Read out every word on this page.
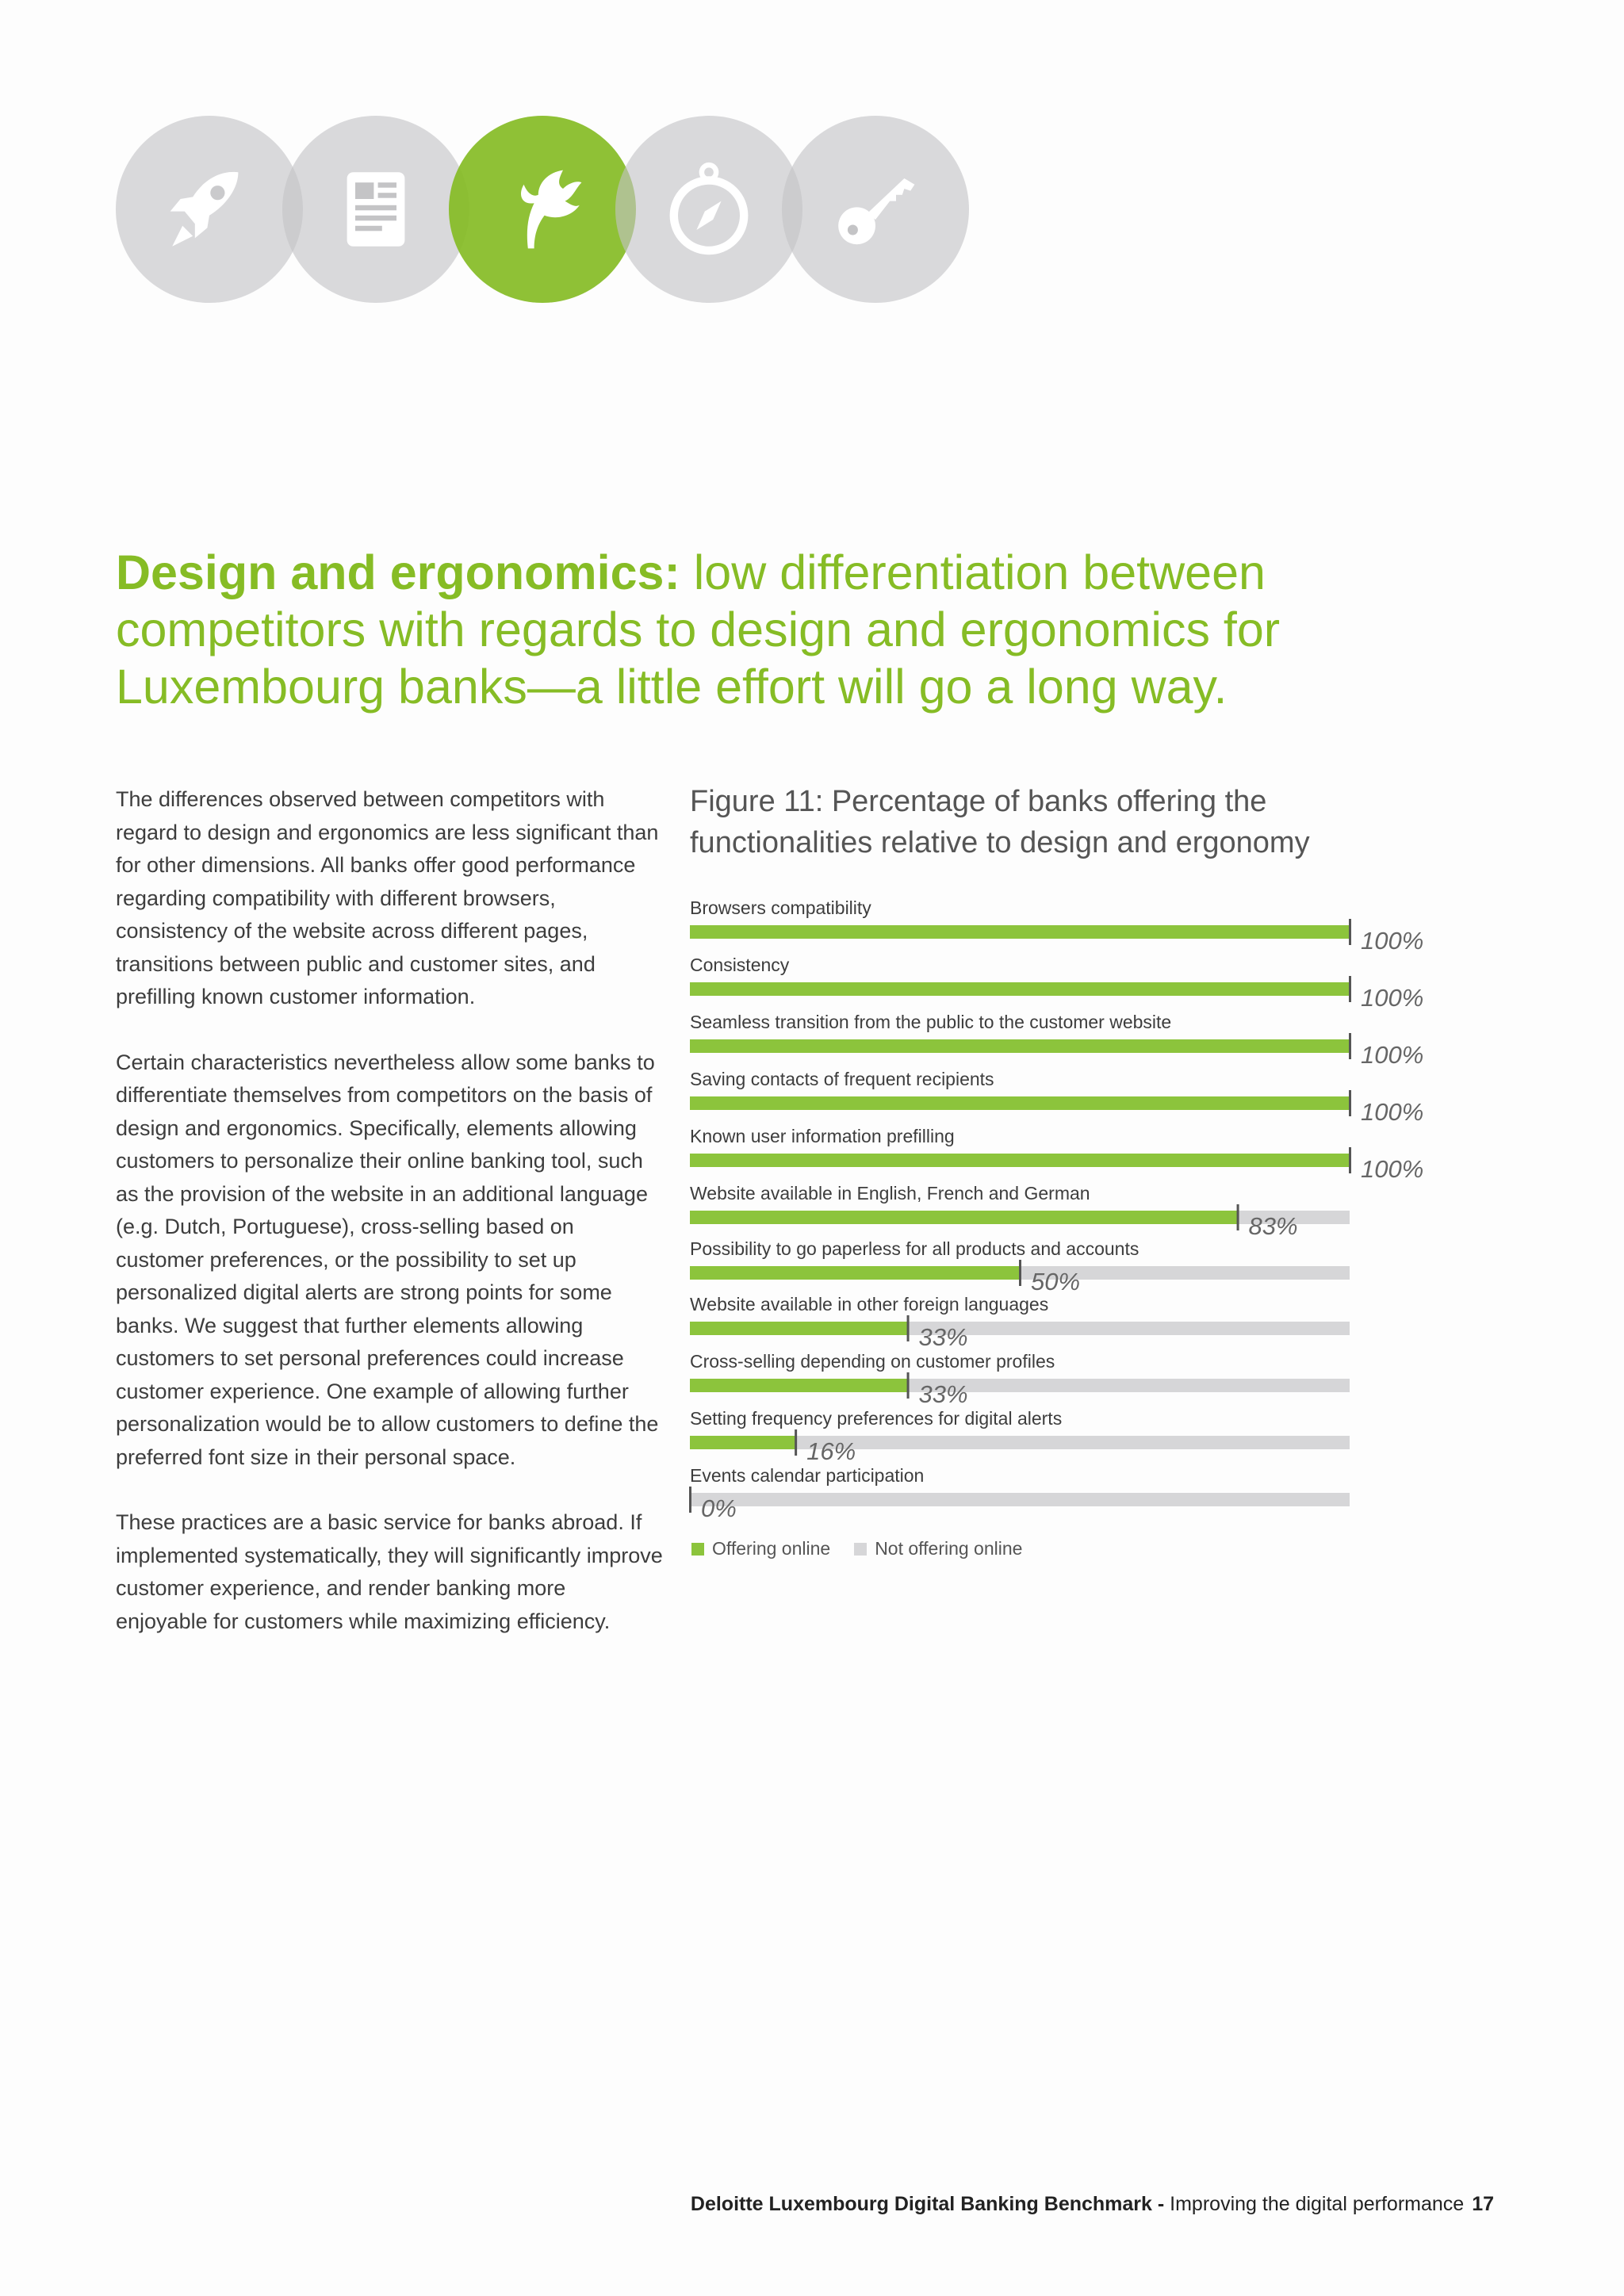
Design and ergonomics: low differentiation between competitors with regards to design and ergonomics for Luxembourg banks—a little effort will go a long way.

The differences observed between competitors with regard to design and ergonomics are less significant than for other dimensions. All banks offer good performance regarding compatibility with different browsers, consistency of the website across different pages, transitions between public and customer sites, and prefilling known customer information.

Certain characteristics nevertheless allow some banks to differentiate themselves from competitors on the basis of design and ergonomics. Specifically, elements allowing customers to personalize their online banking tool, such as the provision of the website in an additional language (e.g. Dutch, Portuguese), cross-selling based on customer preferences, or the possibility to set up personalized digital alerts are strong points for some banks. We suggest that further elements allowing customers to set personal preferences could increase customer experience. One example of allowing further personalization would be to allow customers to define the preferred font size in their personal space.

These practices are a basic service for banks abroad. If implemented systematically, they will significantly improve customer experience, and render banking more enjoyable for customers while maximizing efficiency.

Figure 11: Percentage of banks offering the functionalities relative to design and ergonomy
Browsers compatibility
100%
Consistency
100%
Seamless transition from the public to the customer website
100%
Saving contacts of frequent recipients
100%
Known user information prefilling
100%
Website available in English, French and German
83%
Possibility to go paperless for all products and accounts
50%
Website available in other foreign languages
33%
Cross-selling depending on customer profiles
33%
Setting frequency preferences for digital alerts
16%
Events calendar participation
0%
Offering online Not offering online
Deloitte Luxembourg Digital Banking Benchmark - Improving the digital performance 17
